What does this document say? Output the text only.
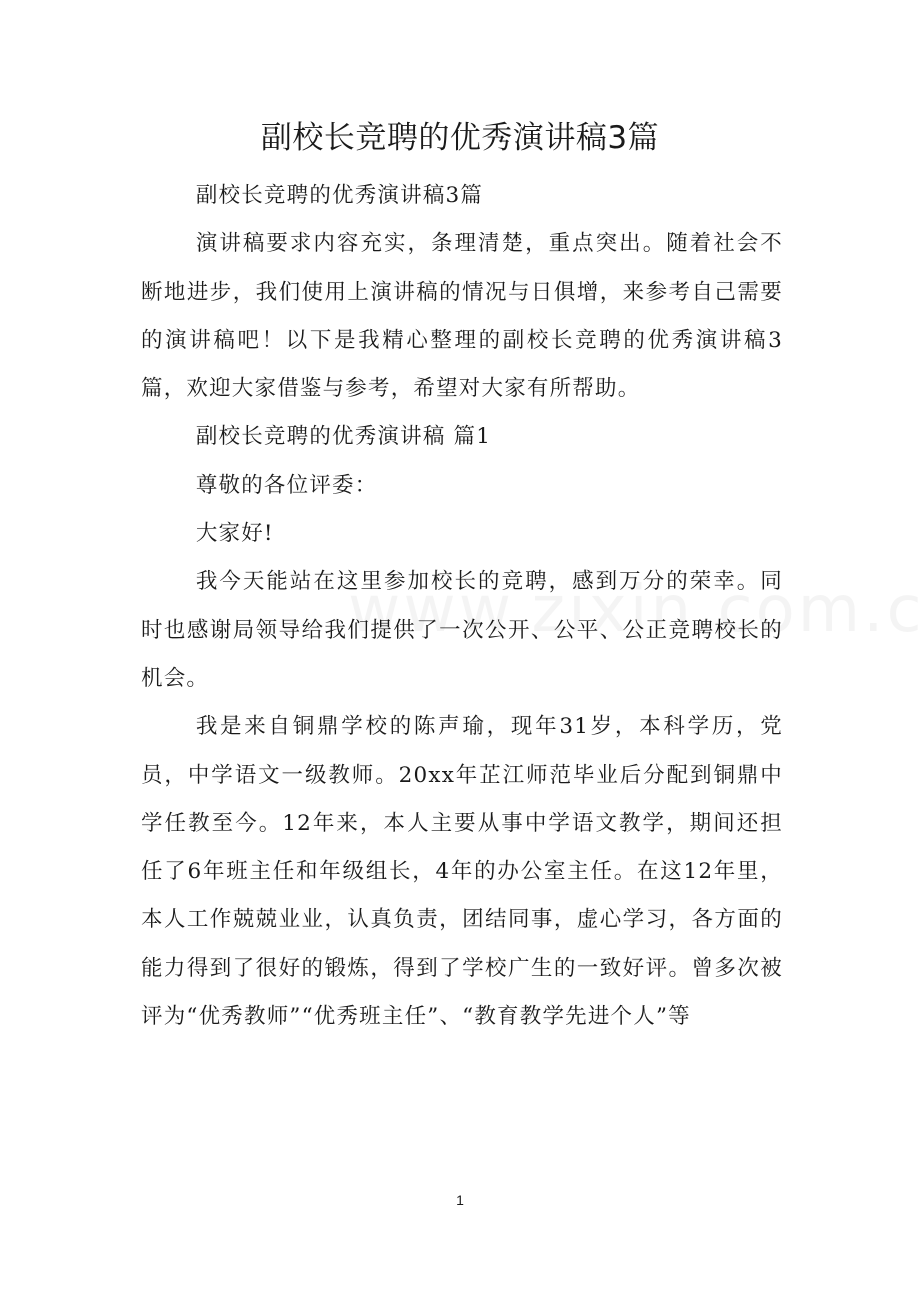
副校长竞聘的优秀演讲稿3篇

副校长竞聘的优秀演讲稿3篇

演讲稿要求内容充实，条理清楚，重点突出。随着社会不断地进步，我们使用上演讲稿的情况与日俱增，来参考自己需要的演讲稿吧！以下是我精心整理的副校长竞聘的优秀演讲稿3篇，欢迎大家借鉴与参考，希望对大家有所帮助。

副校长竞聘的优秀演讲稿 篇1

尊敬的各位评委：

大家好!

我今天能站在这里参加校长的竞聘，感到万分的荣幸。同时也感谢局领导给我们提供了一次公开、公平、公正竞聘校长的机会。

我是来自铜鼎学校的陈声瑜，现年31岁，本科学历，党员，中学语文一级教师。20xx年芷江师范毕业后分配到铜鼎中学任教至今。12年来，本人主要从事中学语文教学，期间还担任了6年班主任和年级组长，4年的办公室主任。在这12年里，本人工作兢兢业业，认真负责，团结同事，虚心学习，各方面的能力得到了很好的锻炼，得到了学校广生的一致好评。曾多次被评为“优秀教师”“优秀班主任”、“教育教学先进个人”等

1
